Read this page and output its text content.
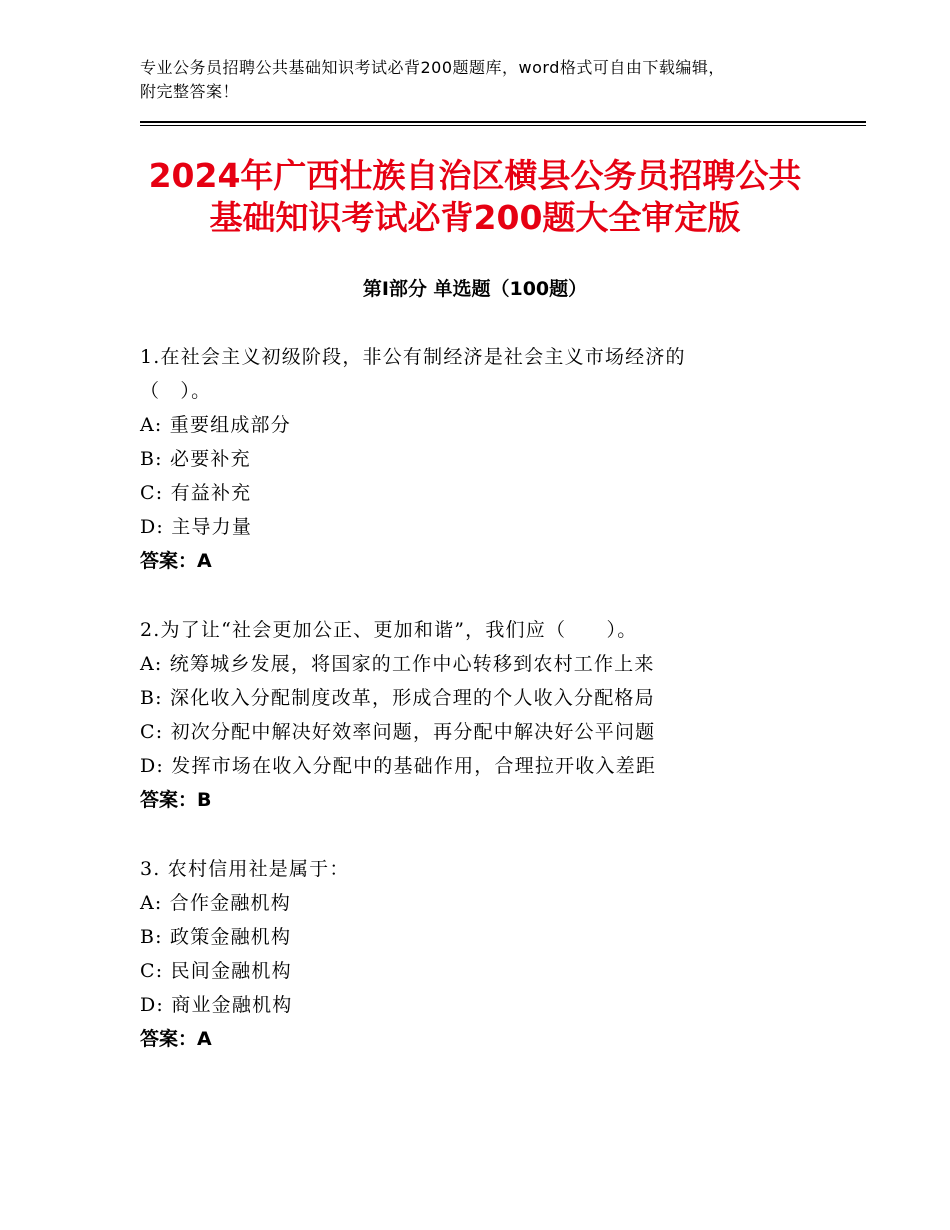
专业公务员招聘公共基础知识考试必背200题题库，word格式可自由下载编辑，
附完整答案！
2024年广西壮族自治区横县公务员招聘公共
基础知识考试必背200题大全审定版
第Ⅰ部分 单选题（100题）
1.在社会主义初级阶段，非公有制经济是社会主义市场经济的
（　）。
A: 重要组成部分
B: 必要补充
C: 有益补充
D: 主导力量
答案：A
2.为了让“社会更加公正、更加和谐”，我们应（　　）。
A: 统筹城乡发展，将国家的工作中心转移到农村工作上来
B: 深化收入分配制度改革，形成合理的个人收入分配格局
C: 初次分配中解决好效率问题，再分配中解决好公平问题
D: 发挥市场在收入分配中的基础作用，合理拉开收入差距
答案：B
3. 农村信用社是属于：
A: 合作金融机构
B: 政策金融机构
C: 民间金融机构
D: 商业金融机构
答案：A
